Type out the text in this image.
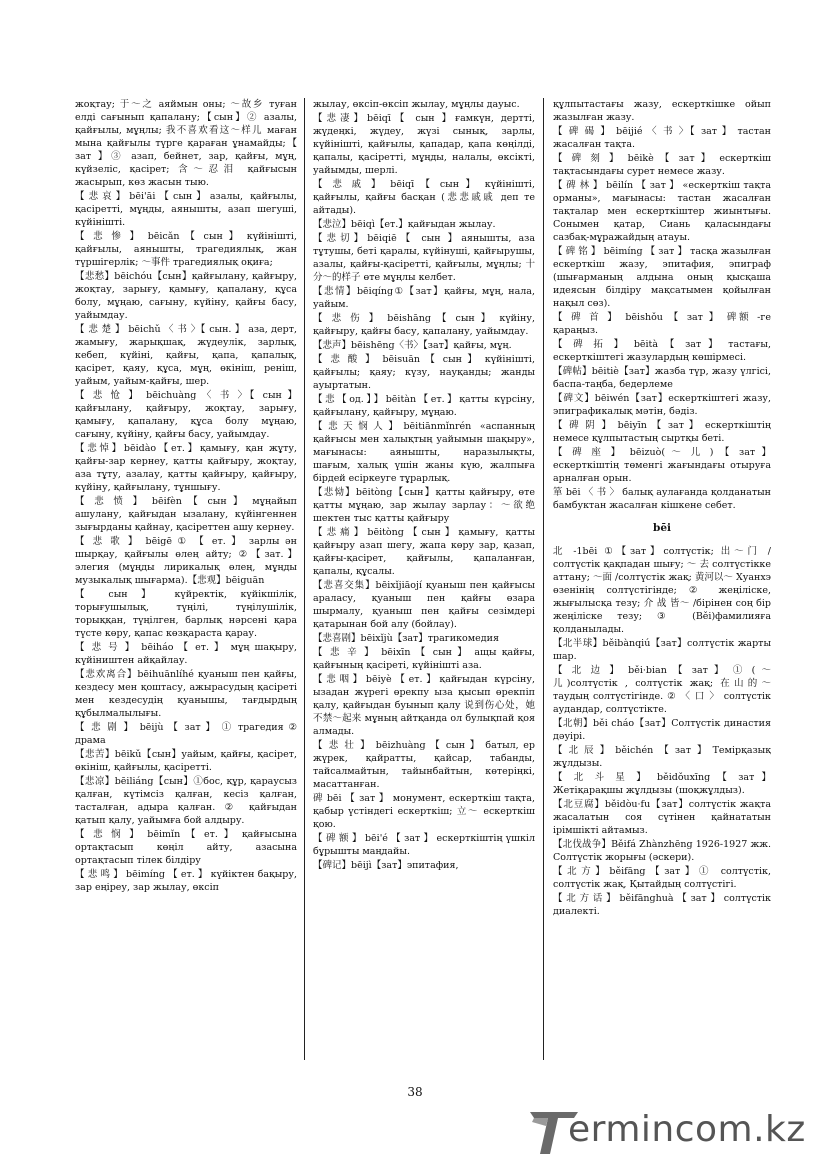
жоқтау; 于～之 аяймын оны; ～故乡 туған елді сағынып қапалану;【сын】② азалы, қайғылы, мұңлы; 我不喜欢看这～样儿 маған мына қайғылы түрге қараған ұнамайды;【 зат 】③ азап, бейнет, зар, қайғы, мұң, күйзеліс, қасірет; 含～忍泪 қайғысын жасырып, көз жасын тыю.

【悲哀】bēi'āi【сын】азалы, қайғылы, қасіретті, мұңды, аянышты, азап шегуші, күйінішті.

【 悲 惨 】 bēicǎn 【 сын 】 күйінішті, қайғылы, аянышты, трагедиялық, жан түршігерлік; ～事件 трагедиялық оқиға;

【悲愁】bēichóu【сын】қайғылану, қайғыру, жоқтау, зарығу, қамығу, қапалану, құса болу, мұңаю, сағыну, күйіну, қайғы басу, уайымдау.

【 悲 楚 】 bēichǔ 〈 书 〉【 сын. 】 аза, дерт, жамығу, жарықшақ, жүдеулік, зарлық, кебеп, күйіні, қайғы, қапа, қапалық, қасірет, қаяу, құса, мұң, өкініш, реніш, уайым, уайым-қайғы, шер.

【 悲 怆 】 bēichuàng 〈 书 〉【 сын 】 қайғылану, қайғыру, жоқтау, зарығу, қамығу, қапалану, құса болу мұңаю, сағыну, күйіну, қайғы басу, уайымдау.

【悲悼】bēidào【ет.】қамығу, қан жұту, қайғы-зар кернеу, қатты қайғыру, жоқтау, аза тұту, азалау, қатты қайғыру, қайғыру, күйіну, қайғылану, тұншығу.

【 悲 愤 】 bēifèn 【 сын 】 мұңайып ашулану, қайғыдан ызалану, күйінгеннен зығырданы қайнау, қасіреттен ашу кернеу.

【 悲 歌 】 bēigē ① 【 ет. 】 зарлы ән шырқау, қайғылы өлең айту; ②【зат.】 элегия (мұңды лирикалық өлең, мұңды музыкалық шығарма).【悲观】bēiguān

【 сын 】 күйректік, күйікшілік, торығушылық, түңілі, түңілушілік, торыққан, түңілген, барлық нәрсені қара түсте көру, қапас көзқараста қарау.

【 悲 号 】 bēiháo 【 ет. 】 мұң шақыру, күйіништен айқайлау.

【悲欢离合】bēihuānlíhé қуаныш пен қайғы, кездесу мен қоштасу, ажырасудың қасіреті мен кездесудің қуанышы, тағдырдың құбылмалылығы.

【 悲 剧 】 bēijù 【 зат 】 ① трагедия ② драма

【悲苦】bēikǔ【сын】уайым, қайғы, қасірет, өкініш, қайғылы, қасіретті.

【悲凉】bēiliáng【сын】①бос, құр, қараусыз қалған, күтімсіз қалған, кесіз қалған, тасталған, адыра қалған. ② қайғыдан қатып қалу, уайымға бой алдыру.

【 悲 悯 】 bēimǐn 【 ет. 】 қайғысына ортақтасып көңіл айту, азасына ортақтасып тілек білдіру

【 悲 鸣 】 bēimíng 【 ет. 】 күйіктен бақыру, зар еңіреу, зар жылау, өксіп

жылау, өксіп-өксіп жылау, мұңлы дауыс.

【悲凄】bēiqī【 сын 】ғамкүн, дертті, жүдеңкі, жүдеу, жүзі сынық, зарлы, күйінішті, қайғылы, қападар, қапа көңілді, қапалы, қасіретті, мұңды, налалы, өксікті, уайымды, шерлі.

【 悲 戚 】 bēiqī 【 сын 】 күйінішті, қайғылы, қайғы басқан (悲悲戚戚 деп те айтады).

【悲泣】bēiqì【ет.】қайғыдан жылау.

【悲切】bēiqiē【 сын 】аянышты, аза тұтушы, беті қаралы, күйінуші, қайғырушы, азалы, қайғы-қасіретті, қайғылы, мұңлы; 十分～的样子 өте мұңлы келбет.

【悲情】bēiqíng①【зат】қайғы, мұң, нала, уайым.

【 悲 伤 】 bēishāng 【 сын 】 күйіну, қайғыру, қайғы басу, қапалану, уайымдау.

【悲声】bēishēng〈书〉【зат】қайғы, мұң.

【 悲 酸 】 bēisuān 【 сын 】 күйінішті, қайғылы; қаяу; күзу, науқанды; жанды ауыртатын.

【悲【од.】】bēitàn【ет.】қатты күрсіну, қайғылану, қайғыру, мұңаю.

【悲天悯人】bēitiānmǐnrén «аспанның қайғысы мен халықтың уайымын шақыру», мағынасы: аянышты, наразылықты, шағым, халық үшін жаны күю, жалпыға бірдей есіркеуге тұрарлық.

【悲恸】bēitòng【сын】қатты қайғыру, өте қатты мұңаю, зар жылау зарлау：～欲绝 шектен тыс қатты қайғыру

【悲痛】bēitòng【сын】қамығу, қатты қайғыру азап шегу, жапа көру зар, қазап, қайғы-қасірет, қайғылы, қапаланған, қапалы, құсалы.

【悲喜交集】bēixǐjiāojí қуаныш пен қайғысы араласу, қуаныш пен қайғы өзара шырмалу, қуаныш пен қайғы сезімдері қатарынан бой алу (бойлау).

【悲喜剧】bēixǐjù【зат】трагикомедия

【 悲 辛 】 bēixīn 【 сын 】 ащы қайғы, қайғының қасіреті, күйінішті аза.

【悲咽】bēiyè【ет.】қайғыдан күрсіну, ызадан жүрегі өрекпу ыза қысып өрекпіп қалу, қайғыдан буынып қалу 说到伤心处，她不禁～起来 мұның айтқанда ол булықпай қоя алмады.

【 悲 壮 】 bēizhuàng 【 сын 】 батыл, ер жүрек, қайратты, қайсар, табанды, тайсалмайтын, тайынбайтын, көтеріңкі, масаттанған.

碑 bēi 【 зат 】 монумент, ескерткіш тақта, қабыр үстіндегі ескерткіш; 立～ ескерткіш қою.

【 碑 额 】 bēi'é 【 зат 】 ескерткіштің үшкіл бұрышты маңдайы.

【碑记】bēijì【зат】эпитафия,

құлпытастағы жазу, ескерткішке ойып жазылған жазу.

【 碑 碣 】 bēijié 〈 书 〉【 зат 】 тастан жасалған тақта.

【 碑 刻 】 bēikè 【 зат 】 ескерткіш тақтасындағы сурет немесе жазу.

【 碑 林 】 bēilín 【 зат 】 «ескерткіш тақта орманы», мағынасы: тастан жасалған тақталар мен ескерткіштер жиынтығы. Сонымен қатар, Сиань қаласындағы сазбақ-мұражайдың атауы.

【 碑 铭 】 bēimíng 【 зат 】 тасқа жазылған ескерткіш жазу, эпитафия, эпиграф (шығарманың алдына оның қысқаша идеясын білдіру мақсатымен қойылған нақыл сөз).

【 碑 首 】 bēishǒu 【 зат 】 碑额 -ге қараңыз.

【 碑 拓 】 bēità 【 зат 】 тастағы, ескерткіштегі жазулардың көшірмесі.

【碑帖】bēitiè【зат】жазба түр, жазу үлгісі, баспа-таңба, бедерлеме

【碑文】bēiwén【зат】ескерткіштегі жазу, эпиграфикалық мәтін, бәдіз.

【 碑 阴 】 bēiyīn 【 зат 】 ескерткіштің немесе құлпытастың сыртқы беті.

【 碑 座 】 bēizuò( ～ 儿 ) 【 зат 】 ескерткіштің төменгі жағындағы отыруға арналған орын.

箪 bēi 〈 书 〉 балық аулағанда қолданатын бамбуктан жасалған кішкене себет.

bēi

北 -1bēi ①【зат】солтүстік; 出～门 / солтүстік қақпадан шығу; ～ 去 солтүстікке аттану; ～面 /солтүстік жақ; 黄河以～ Хуанхэ өзенінің солтүстігінде; ② жеңіліске, жығылысқа тезу; 介 战 皆～ /бірінен соң бір жеңіліске тезу; ③ (Běi)фамилияға қолданылады.

【北半球】běibànqiú【зат】солтүстік жарты шар.

【 北 边 】 běi·bian 【 зат 】 ① ( ～ 儿)солтүстік , солтүстік жақ; 在山的～ таудың солтүстігінде. ② 〈 口 〉 солтүстік аудандар, солтүстікте.

【北朝】běi cháo【зат】Солтүстік династия дәуірі.

【北辰】běichén【зат】Темірқазық жұлдызы.

【 北 斗 星 】 běidǒuxīng 【 зат 】 Жетіқарақшы жұлдызы (шоқжұлдыз).

【北豆腐】běidòu·fu【зат】солтүстік жақта жасалатын соя сүтінен қайнататын ірімшікті айтамыз.

【北伐战争】Běifá Zhànzhēng 1926-1927 жж. Солтүстік жорығы (әскери).

【北方】běifāng【зат】① солтүстік, солтүстік жақ, Қытайдың солтүстігі.

【北方话】běifānghuà【зат】солтүстік диалекті.

38
ermincom.kz
